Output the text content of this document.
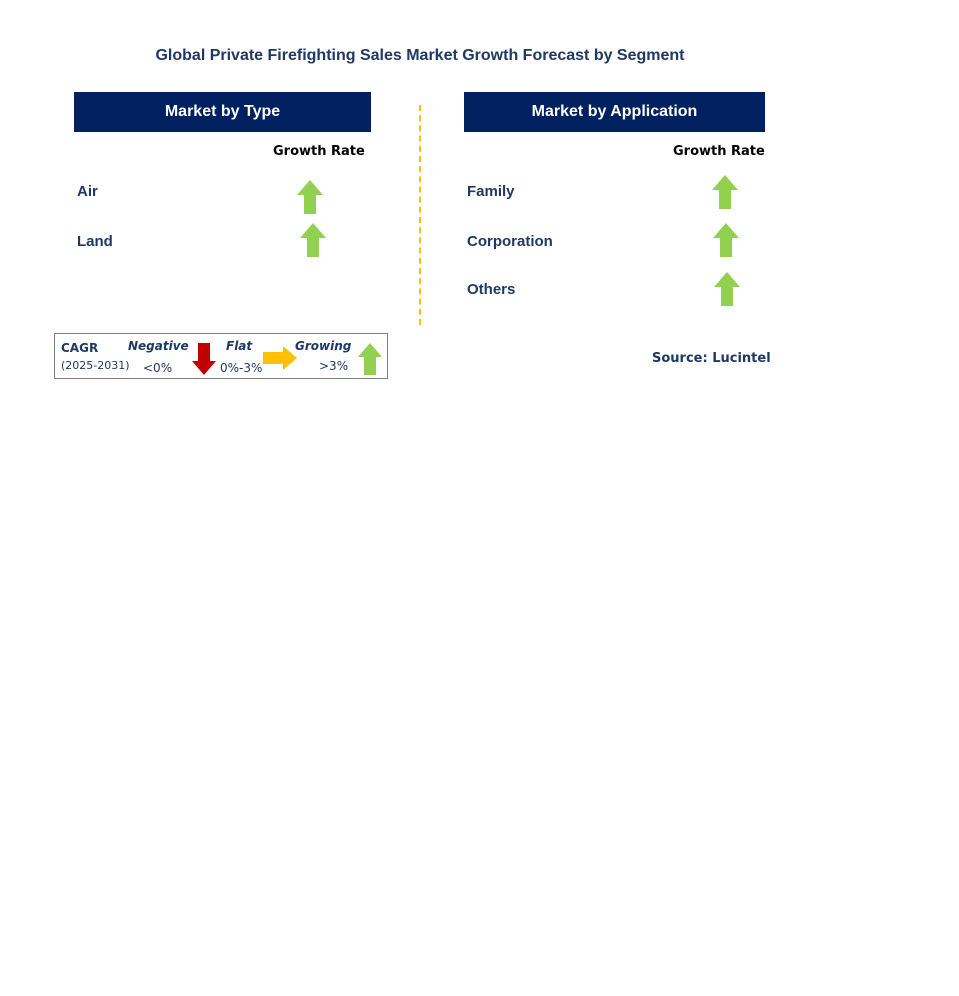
Global Private Firefighting Sales Market Growth Forecast by Segment
Market by Type
Growth Rate
Air
Land
Market by Application
Growth Rate
Family
Corporation
Others
CAGR
(2025-2031)
Negative
<0%
Flat
0%-3%
Growing
>3%	Source: Lucintel
